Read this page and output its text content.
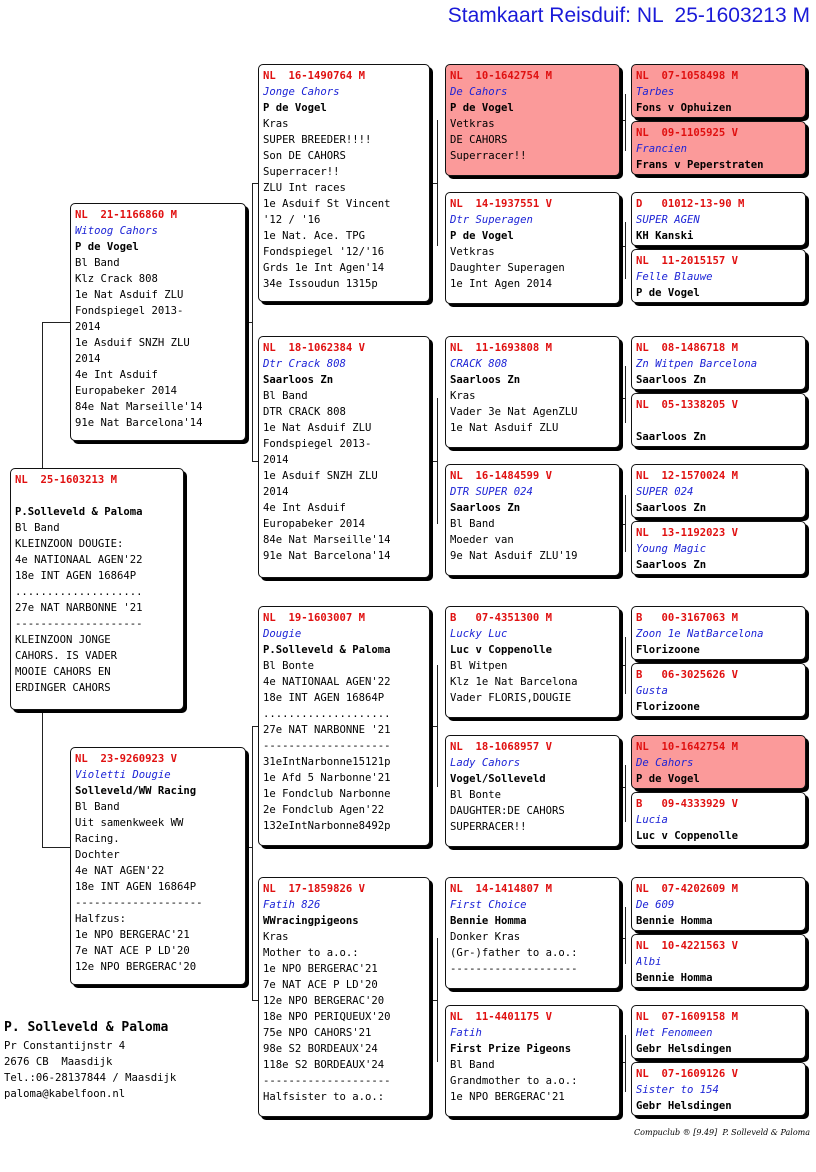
Stamkaart Reisduif: NL  25-1603213 M
NL  25-1603213 M
P.Solleveld & Paloma
Bl Band
KLEINZOON DOUGIE:
4e NATIONAAL AGEN'22
18e INT AGEN 16864P
....................
27e NAT NARBONNE '21
--------------------
KLEINZOON JONGE
CAHORS. IS VADER
MOOIE CAHORS EN
ERDINGER CAHORS
NL  21-1166860 M
Witoog Cahors
P de Vogel
Bl Band
Klz Crack 808
1e Nat Asduif ZLU
Fondspiegel 2013-
2014
1e Asduif SNZH ZLU
2014
4e Int Asduif
Europabeker 2014
84e Nat Marseille'14
91e Nat Barcelona'14
NL  23-9260923 V
Violetti Dougie
Solleveld/WW Racing
Bl Band
Uit samenkweek WW
Racing.
Dochter
4e NAT AGEN'22
18e INT AGEN 16864P
--------------------
Halfzus:
1e NPO BERGERAC'21
7e NAT ACE P LD'20
12e NPO BERGERAC'20
NL  16-1490764 M
Jonge Cahors
P de Vogel
Kras
SUPER BREEDER!!!!
Son DE CAHORS
Superracer!!
ZLU Int races
1e Asduif St Vincent
'12 / '16
1e Nat. Ace. TPG
Fondspiegel '12/'16
Grds 1e Int Agen'14
34e Issoudun 1315p
NL  18-1062384 V
Dtr Crack 808
Saarloos Zn
Bl Band
DTR CRACK 808
1e Nat Asduif ZLU
Fondspiegel 2013-
2014
1e Asduif SNZH ZLU
2014
4e Int Asduif
Europabeker 2014
84e Nat Marseille'14
91e Nat Barcelona'14
NL  19-1603007 M
Dougie
P.Solleveld & Paloma
Bl Bonte
4e NATIONAAL AGEN'22
18e INT AGEN 16864P
....................
27e NAT NARBONNE '21
--------------------
31eIntNarbonne15121p
1e Afd 5 Narbonne'21
1e Fondclub Narbonne
2e Fondclub Agen'22
132eIntNarbonne8492p
NL  17-1859826 V
Fatih 826
WWracingpigeons
Kras
Mother to a.o.:
1e NPO BERGERAC'21
7e NAT ACE P LD'20
12e NPO BERGERAC'20
18e NPO PERIQUEUX'20
75e NPO CAHORS'21
98e S2 BORDEAUX'24
118e S2 BORDEAUX'24
--------------------
Halfsister to a.o.:
NL  10-1642754 M
De Cahors
P de Vogel
Vetkras
DE CAHORS
Superracer!!
NL  14-1937551 V
Dtr Superagen
P de Vogel
Vetkras
Daughter Superagen
1e Int Agen 2014
NL  11-1693808 M
CRACK 808
Saarloos Zn
Kras
Vader 3e Nat AgenZLU
1e Nat Asduif ZLU
NL  16-1484599 V
DTR SUPER 024
Saarloos Zn
Bl Band
Moeder van
9e Nat Asduif ZLU'19
B   07-4351300 M
Lucky Luc
Luc v Coppenolle
Bl Witpen
Klz 1e Nat Barcelona
Vader FLORIS,DOUGIE
NL  18-1068957 V
Lady Cahors
Vogel/Solleveld
Bl Bonte
DAUGHTER:DE CAHORS
SUPERRACER!!
NL  14-1414807 M
First Choice
Bennie Homma
Donker Kras
(Gr-)father to a.o.:
--------------------
NL  11-4401175 V
Fatih
First Prize Pigeons
Bl Band
Grandmother to a.o.:
1e NPO BERGERAC'21
NL  07-1058498 M
Tarbes
Fons v Ophuizen
NL  09-1105925 V
Francien
Frans v Peperstraten
D   01012-13-90 M
SUPER AGEN
KH Kanski
NL  11-2015157 V
Felle Blauwe
P de Vogel
NL  08-1486718 M
Zn Witpen Barcelona
Saarloos Zn
NL  05-1338205 V
Saarloos Zn
NL  12-1570024 M
SUPER 024
Saarloos Zn
NL  13-1192023 V
Young Magic
Saarloos Zn
B   00-3167063 M
Zoon 1e NatBarcelona
Florizoone
B   06-3025626 V
Gusta
Florizoone
NL  10-1642754 M
De Cahors
P de Vogel
B   09-4333929 V
Lucia
Luc v Coppenolle
NL  07-4202609 M
De 609
Bennie Homma
NL  10-4221563 V
Albi
Bennie Homma
NL  07-1609158 M
Het Fenomeen
Gebr Helsdingen
NL  07-1609126 V
Sister to 154
Gebr Helsdingen
P. Solleveld & Paloma
Pr Constantijnstr 4
2676 CB  Maasdijk
Tel.:06-28137844 / Maasdijk
paloma@kabelfoon.nl
Compuclub ® [9.49]  P. Solleveld & Paloma
